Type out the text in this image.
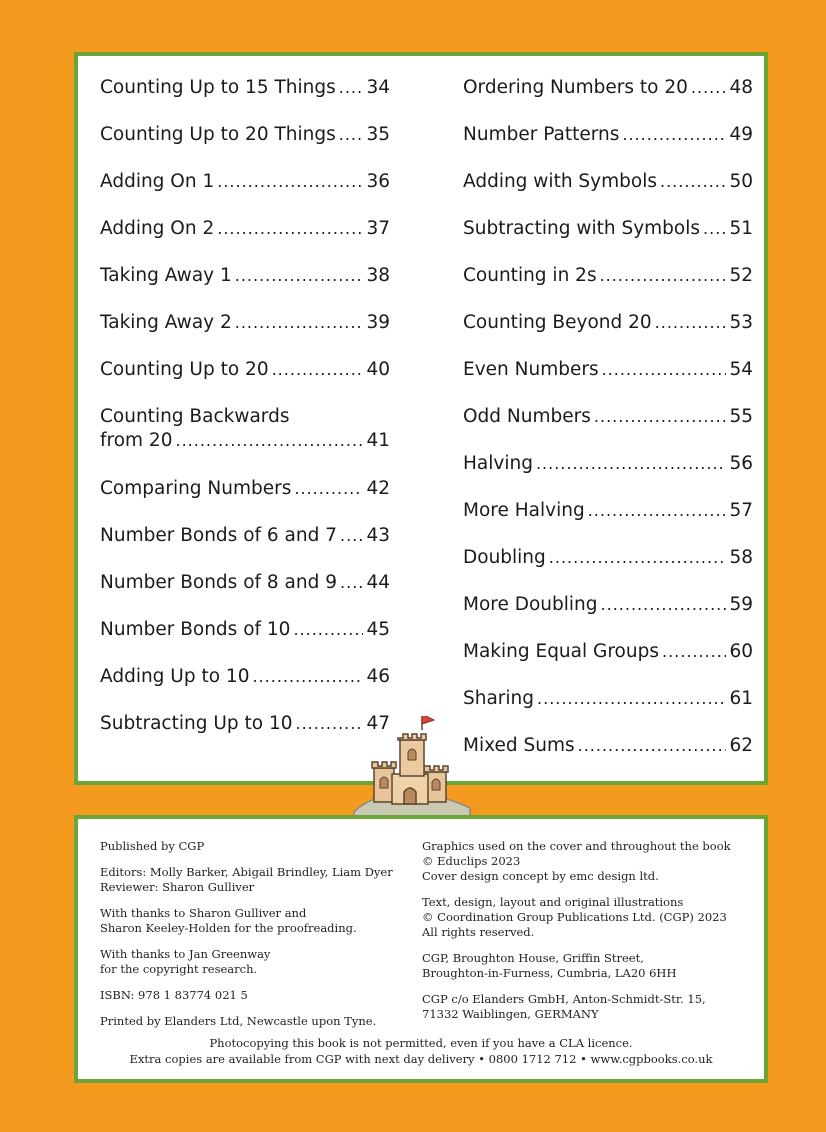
Counting Up to 15 Things ..... 34
Counting Up to 20 Things ..... 35
Adding On 1 .....	36
Adding On 2 .....	37
Taking Away 1 .....	38
Taking Away 2 .....	39
Counting Up to 20 .....	40
Counting Backwards
from 20 .....	41
Comparing Numbers .....	42
Number Bonds of 6 and 7 ..... 43
Number Bonds of 8 and 9 ..... 44
Number Bonds of 10 .....	45
Adding Up to 10 .....	46
Subtracting Up to 10 .....	47
Ordering Numbers to 20 ..... 48
Number Patterns .....	49
Adding with Symbols .....	50
Subtracting with Symbols ..... 51
Counting in 2s .....	52
Counting Beyond 20 .....	53
Even Numbers .....	54
Odd Numbers .....	55
Halving .....	56
More Halving .....	57
Doubling .....	58
More Doubling .....	59
Making Equal Groups .....	60
Sharing .....	61
Mixed Sums .....	62
Published by CGP
Editors: Molly Barker, Abigail Brindley, Liam Dyer
Reviewer: Sharon Gulliver
With thanks to Sharon Gulliver and
Sharon Keeley-Holden for the proofreading.
With thanks to Jan Greenway
for the copyright research.
ISBN: 978 1 83774 021 5
Printed by Elanders Ltd, Newcastle upon Tyne.
Graphics used on the cover and throughout the book
© Educlips 2023
Cover design concept by emc design ltd.
Text, design, layout and original illustrations
© Coordination Group Publications Ltd. (CGP) 2023
All rights reserved.
CGP, Broughton House, Griffin Street,
Broughton-in-Furness, Cumbria, LA20 6HH
CGP c/o Elanders GmbH, Anton-Schmidt-Str. 15,
71332 Waiblingen, GERMANY
Photocopying this book is not permitted, even if you have a CLA licence.
Extra copies are available from CGP with next day delivery • 0800 1712 712 • www.cgpbooks.co.uk
